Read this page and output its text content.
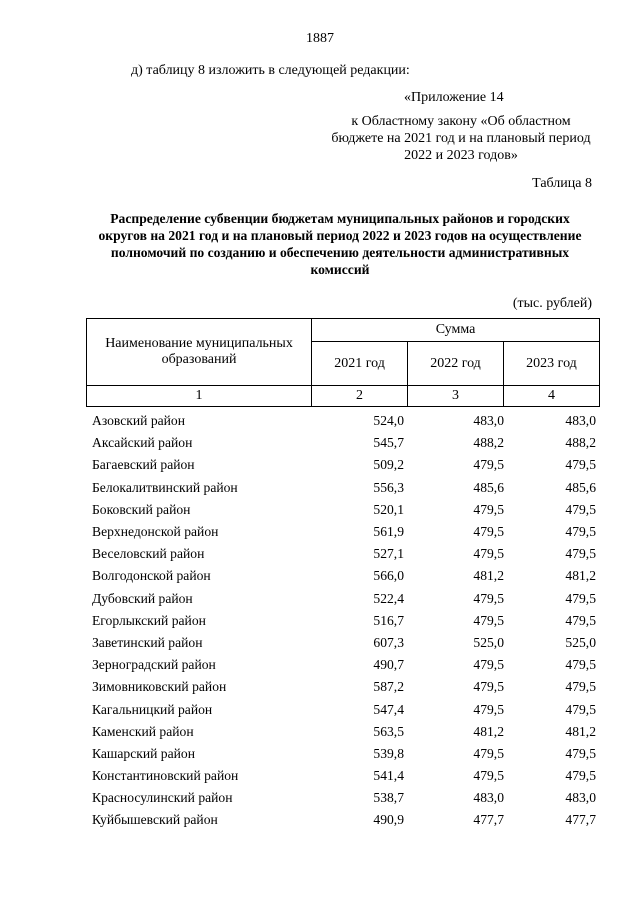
1887
д) таблицу 8 изложить в следующей редакции:
«Приложение 14
к Областному закону «Об областном бюджете на 2021 год и на плановый период 2022 и 2023 годов»
Таблица 8
Распределение субвенции бюджетам муниципальных районов и городских округов на 2021 год и на плановый период 2022 и 2023 годов на осуществление полномочий по созданию и обеспечению деятельности административных комиссий
(тыс. рублей)
Наименование муниципальных образований	Сумма		
	2021 год	2022 год	2023 год
1	2	3	4
Азовский район	524,0	483,0	483,0
Аксайский район	545,7	488,2	488,2
Багаевский район	509,2	479,5	479,5
Белокалитвинский район	556,3	485,6	485,6
Боковский район	520,1	479,5	479,5
Верхнедонской район	561,9	479,5	479,5
Веселовский район	527,1	479,5	479,5
Волгодонской район	566,0	481,2	481,2
Дубовский район	522,4	479,5	479,5
Егорлыкский район	516,7	479,5	479,5
Заветинский район	607,3	525,0	525,0
Зерноградский район	490,7	479,5	479,5
Зимовниковский район	587,2	479,5	479,5
Кагальницкий район	547,4	479,5	479,5
Каменский район	563,5	481,2	481,2
Кашарский район	539,8	479,5	479,5
Константиновский район	541,4	479,5	479,5
Красносулинский район	538,7	483,0	483,0
Куйбышевский район	490,9	477,7	477,7
